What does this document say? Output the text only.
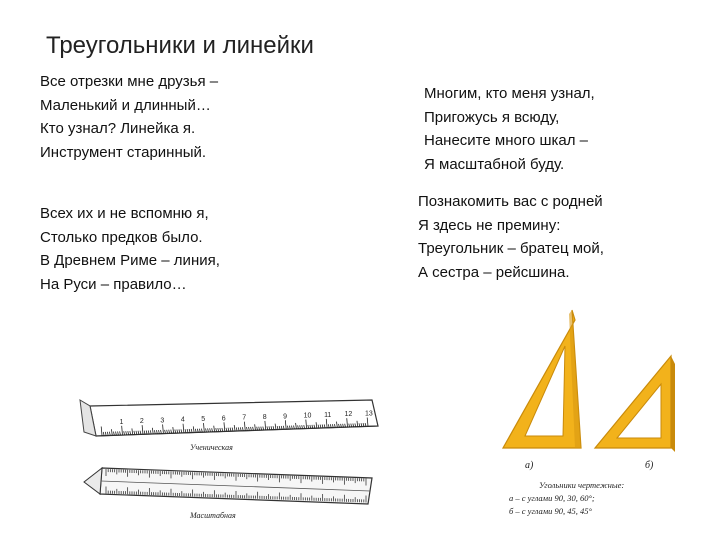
Треугольники и линейки
Все отрезки мне друзья –
Маленький и длинный…
Кто узнал? Линейка я.
Инструмент старинный.
Всех их и не вспомню я,
Столько предков было.
В Древнем Риме – линия,
На Руси – правило…
Многим, кто меня узнал,
Пригожусь я всюду,
Нанесите много шкал –
Я масштабной буду.
Познакомить вас с родней
Я здесь не премину:
Треугольник – братец мой,
А сестра – рейсшина.
1 2 3 4 5 6 7 8 9 10 11 12 13
Ученическая
Масштабная
а)	б)
Угольники чертежные:
а – с углами 90, 30, 60°;
б – с углами 90, 45, 45°
